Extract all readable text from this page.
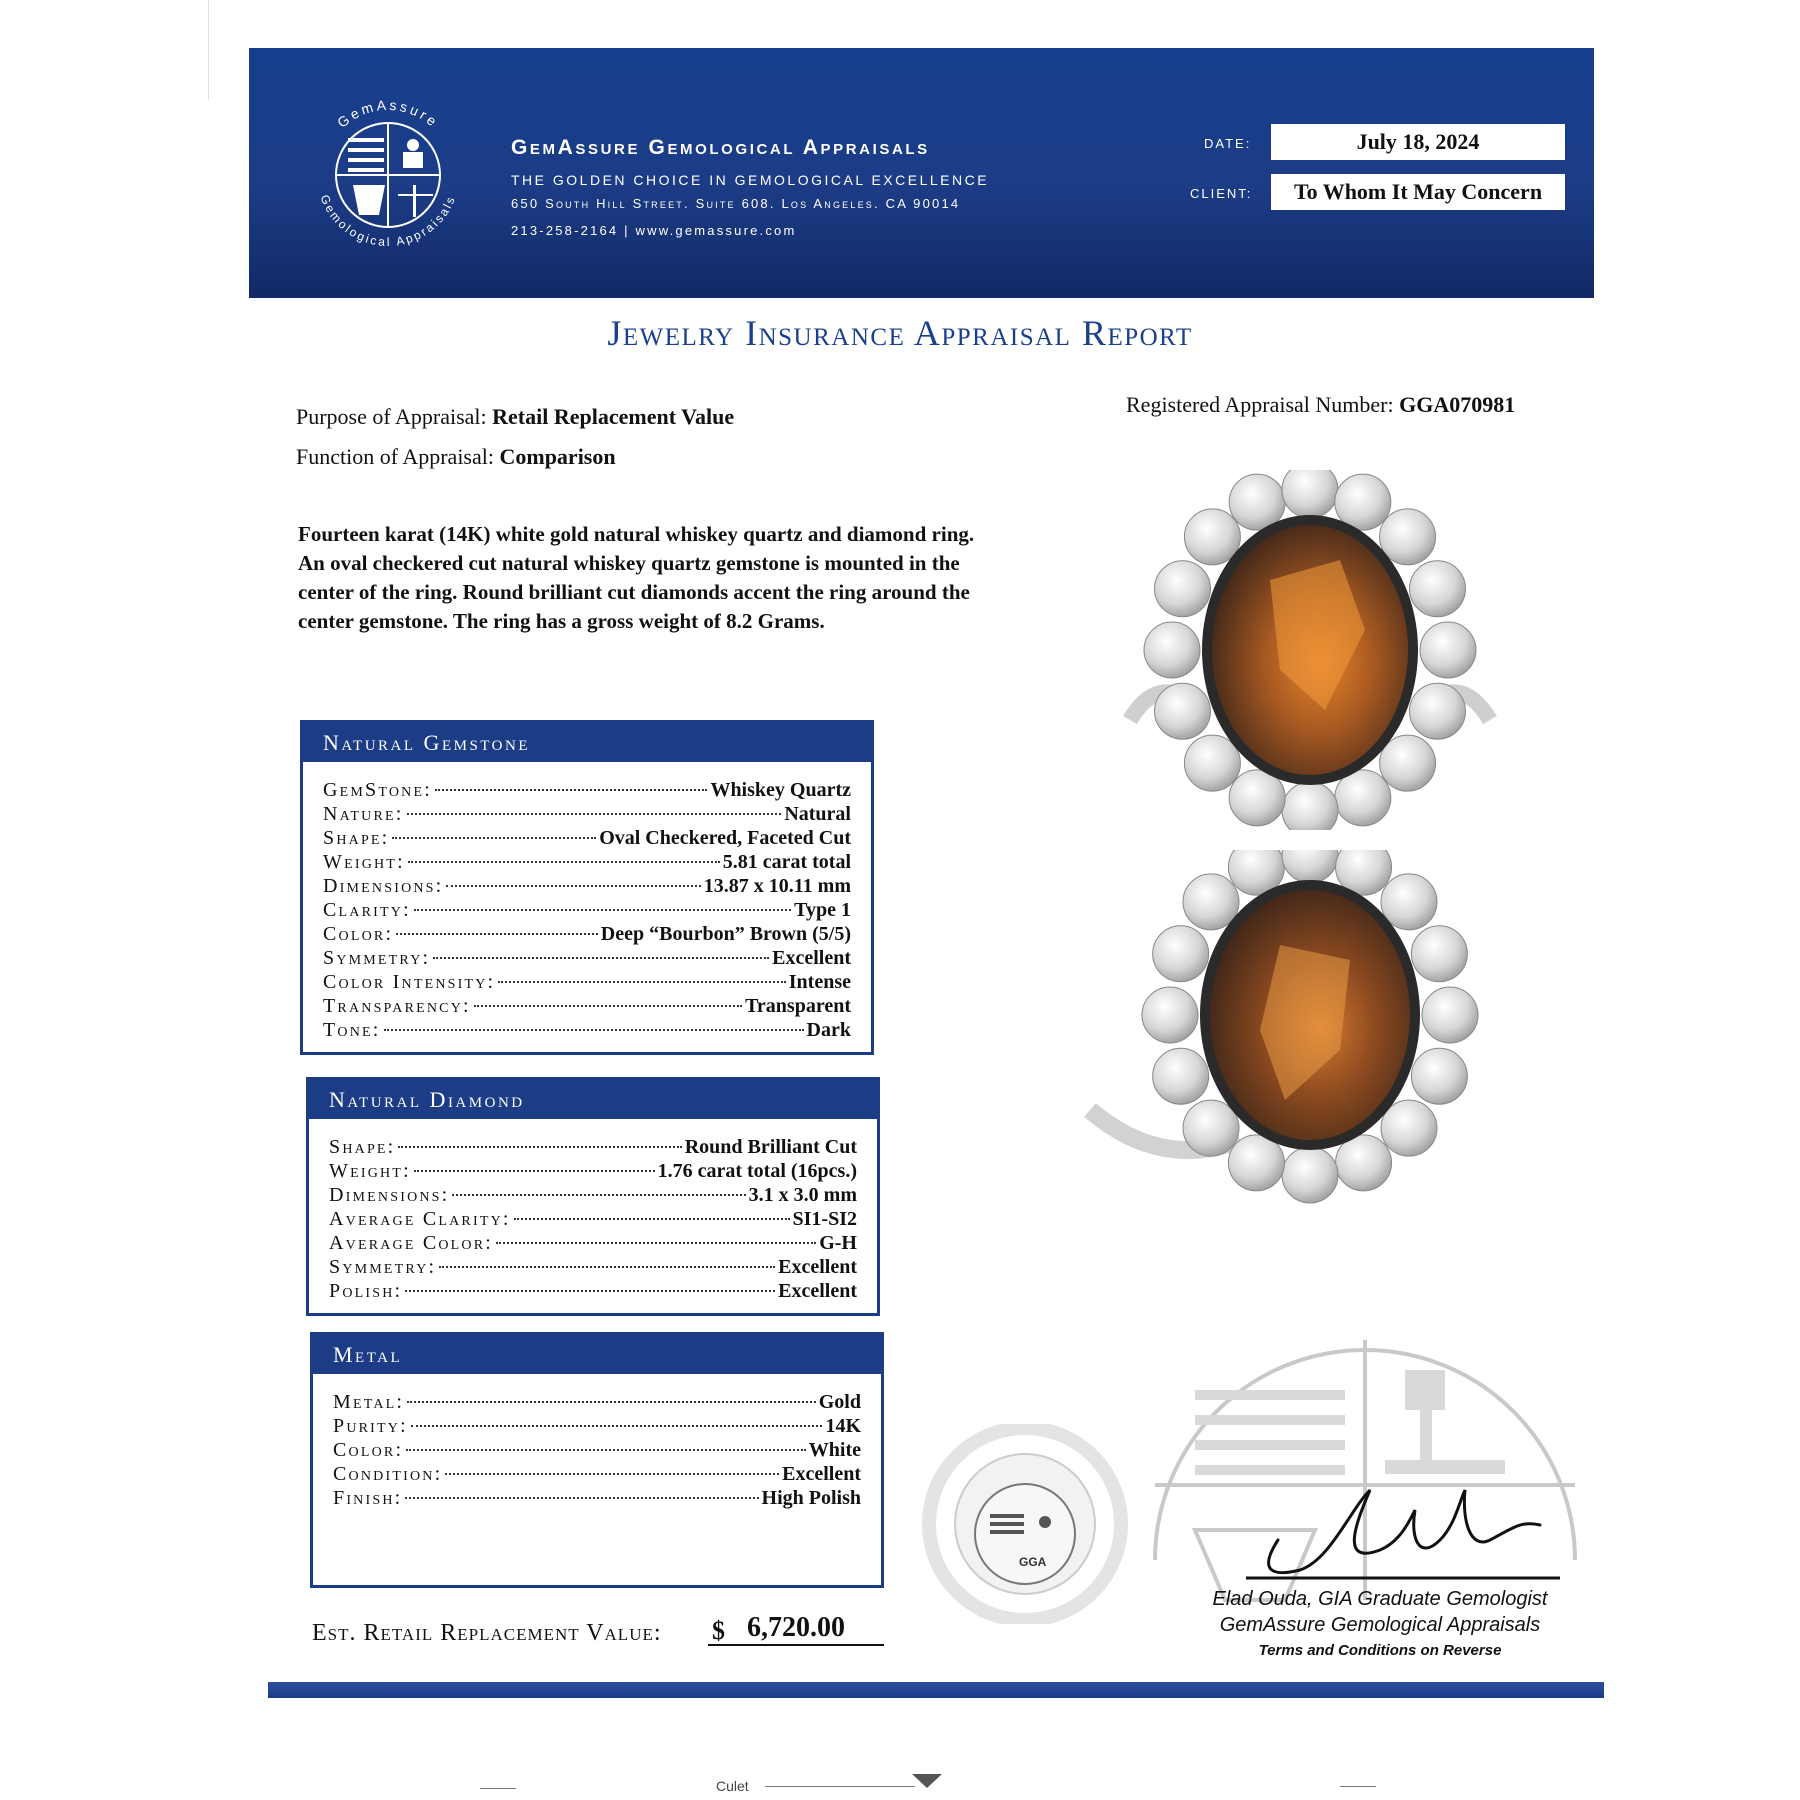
GemAssure
Gemological Appraisals
GemAssure Gemological Appraisals
THE GOLDEN CHOICE IN GEMOLOGICAL EXCELLENCE
650 South Hill Street. Suite 608. Los Angeles. CA 90014
213-258-2164 | www.gemassure.com
DATE:	July 18, 2024
CLIENT:	To Whom It May Concern
Jewelry Insurance Appraisal Report
Purpose of Appraisal: Retail Replacement Value
Function of Appraisal: Comparison
Registered Appraisal Number: GGA070981
Fourteen karat (14K) white gold natural whiskey quartz and diamond ring. An oval checkered cut natural whiskey quartz gemstone is mounted in the center of the ring. Round brilliant cut diamonds accent the ring around the center gemstone. The ring has a gross weight of 8.2 Grams.
Natural Gemstone
GemStone:	Whiskey Quartz
Nature:	Natural
Shape:	Oval Checkered, Faceted Cut
Weight:	5.81 carat total
Dimensions:	13.87 x 10.11 mm
Clarity:	Type 1
Color:	Deep “Bourbon” Brown (5/5)
Symmetry:	Excellent
Color Intensity:	Intense
Transparency:	Transparent
Tone:	Dark
Natural Diamond
Shape:	Round Brilliant Cut
Weight:	1.76 carat total (16pcs.)
Dimensions:	3.1 x 3.0 mm
Average Clarity:	SI1-SI2
Average Color:	G-H
Symmetry:	Excellent
Polish:	Excellent
Metal
Metal:	Gold
Purity:	14K
Color:	White
Condition:	Excellent
Finish:	High Polish
Est. Retail Replacement Value: $ 6,720.00
GGA
Elad Ouda, GIA Graduate Gemologist
GemAssure Gemological Appraisals
Terms and Conditions on Reverse
Culet
